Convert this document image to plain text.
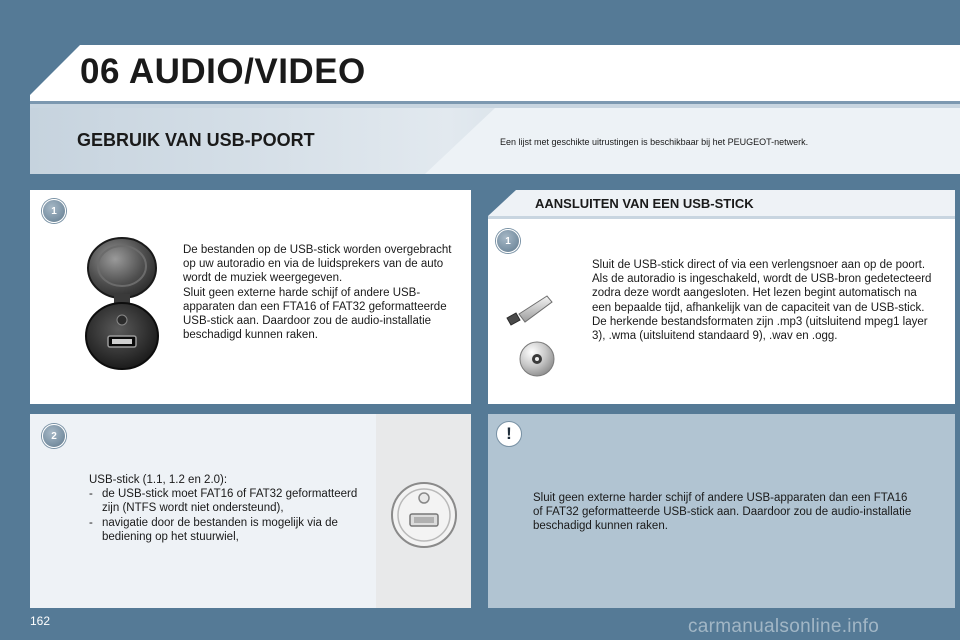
06 AUDIO/VIDEO
GEBRUIK VAN USB-POORT	Een lijst met geschikte uitrustingen is beschikbaar bij het PEUGEOT-netwerk.
1

De bestanden op de USB-stick worden overgebracht op uw autoradio en via de luidsprekers van de auto wordt de muziek weergegeven.

Sluit geen externe harde schijf of andere USB-apparaten dan een FTA16 of FAT32 geformatteerde USB-stick aan. Daardoor zou de audio-installatie beschadigd kunnen raken.

2

USB-stick (1.1, 1.2 en 2.0):

- de USB-stick moet FAT16 of FAT32 geformatteerd zijn (NTFS wordt niet ondersteund),
- navigatie door de bestanden is mogelijk via de bediening op het stuurwiel,
AANSLUITEN VAN EEN USB-STICK
1

Sluit de USB-stick direct of via een verlengsnoer aan op de poort. Als de autoradio is ingeschakeld, wordt de USB-bron gedetecteerd zodra deze wordt aangesloten. Het lezen begint automatisch na een bepaalde tijd, afhankelijk van de capaciteit van de USB-stick.

De herkende bestandsformaten zijn .mp3 (uitsluitend mpeg1 layer 3), .wma (uitsluitend standaard 9), .wav en .ogg.

!
Sluit geen externe harder schijf of andere USB-apparaten dan een FTA16 of FAT32 geformatteerde USB-stick aan. Daardoor zou de audio-installatie beschadigd kunnen raken.
162	carmanualsonline.info
